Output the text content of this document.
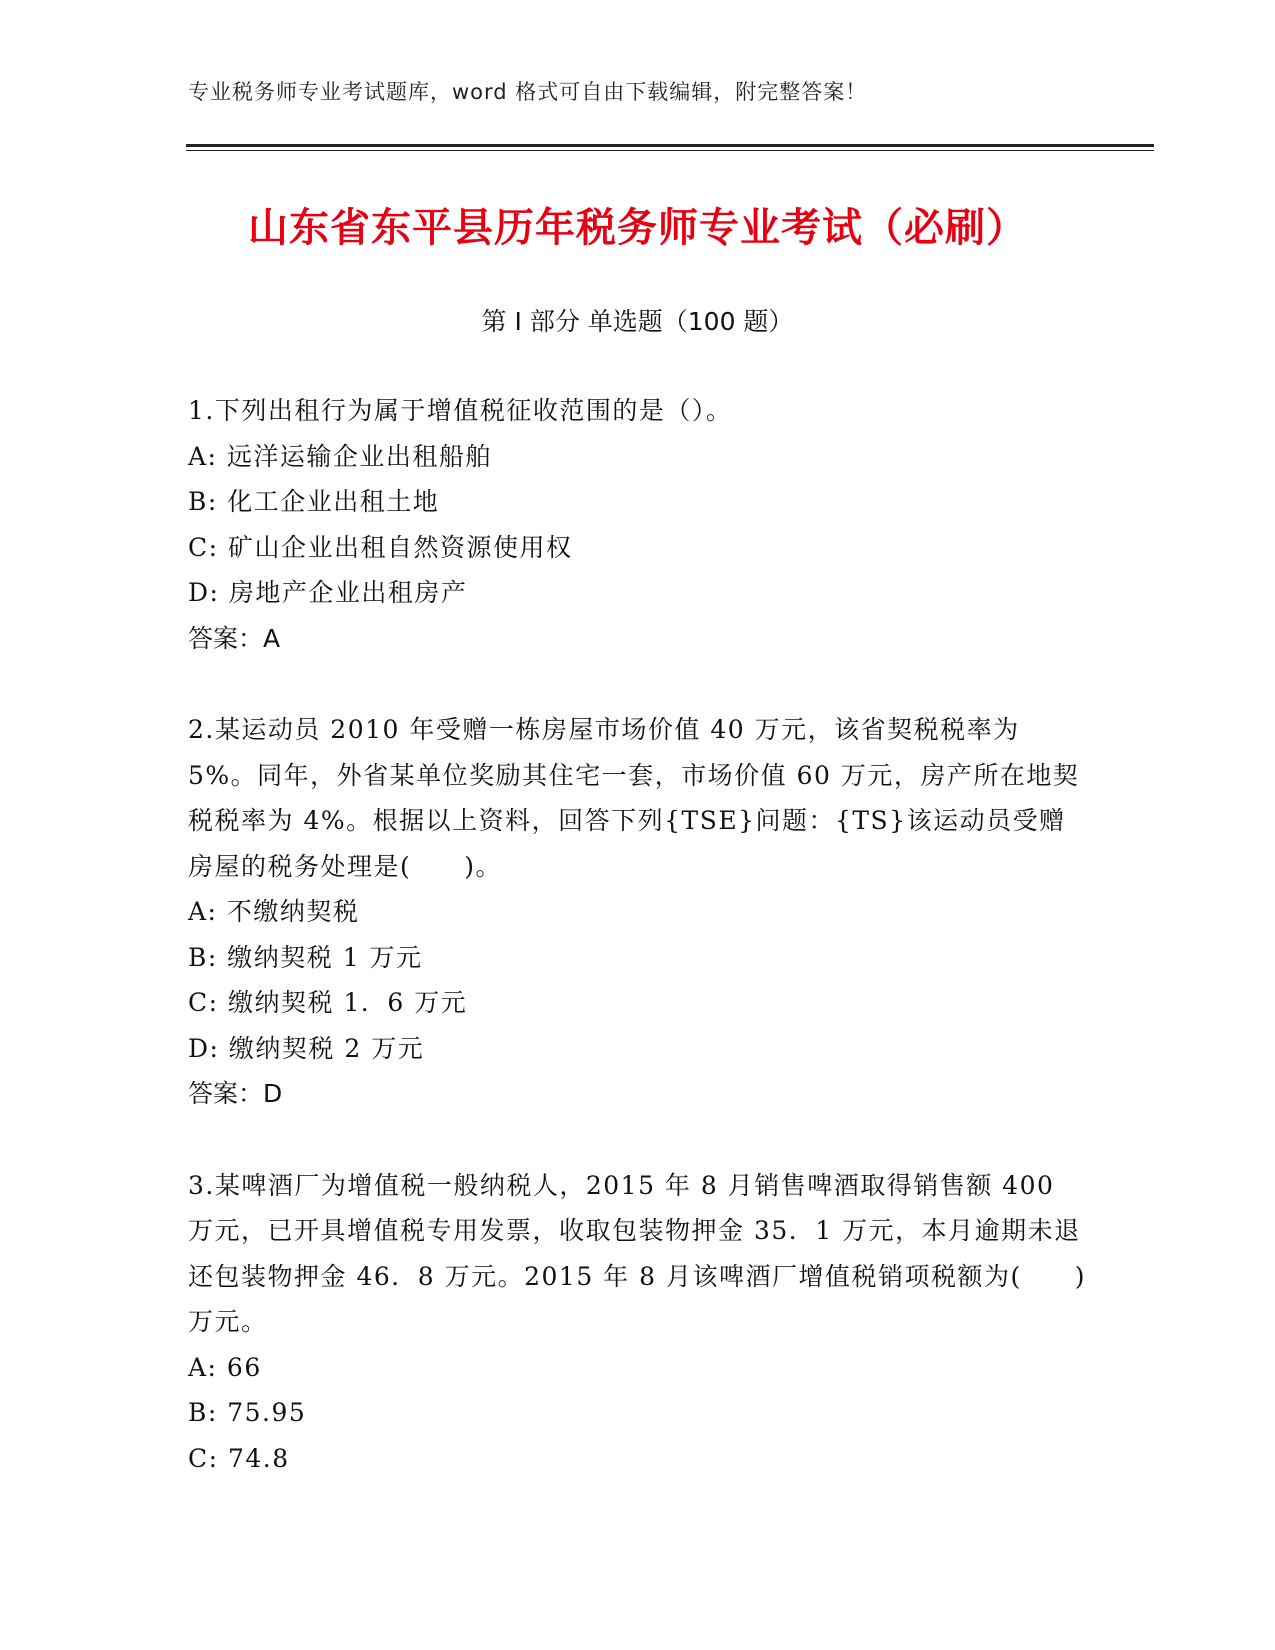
专业税务师专业考试题库，word 格式可自由下载编辑，附完整答案！
山东省东平县历年税务师专业考试（必刷）
第 I 部分 单选题（100 题）

1.下列出租行为属于增值税征收范围的是（）。

A: 远洋运输企业出租船舶

B: 化工企业出租土地

C: 矿山企业出租自然资源使用权

D: 房地产企业出租房产

答案：A

2.某运动员 2010 年受赠一栋房屋市场价值 40 万元，该省契税税率为 5%。同年，外省某单位奖励其住宅一套，市场价值 60 万元，房产所在地契税税率为 4%。根据以上资料，回答下列{TSE}问题：{TS}该运动员受赠房屋的税务处理是(　　)。

A: 不缴纳契税

B: 缴纳契税 1 万元

C: 缴纳契税 1．6 万元

D: 缴纳契税 2 万元

答案：D

3.某啤酒厂为增值税一般纳税人，2015 年 8 月销售啤酒取得销售额 400 万元，已开具增值税专用发票，收取包装物押金 35．1 万元，本月逾期未退还包装物押金 46．8 万元。2015 年 8 月该啤酒厂增值税销项税额为(　　)万元。

A: 66

B: 75.95

C: 74.8
